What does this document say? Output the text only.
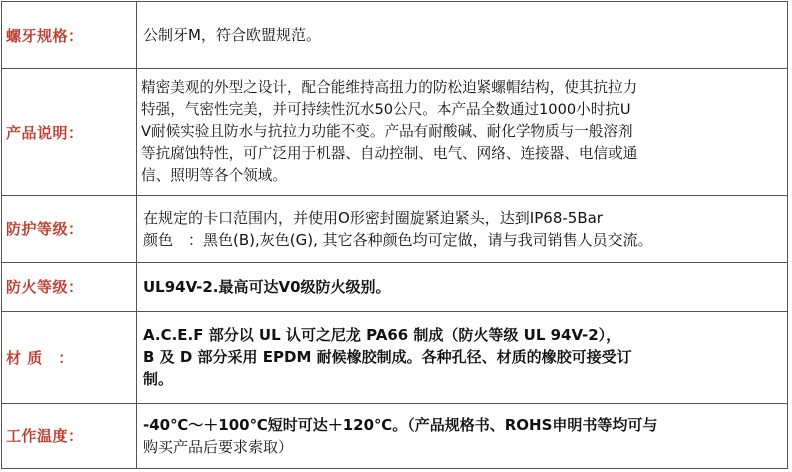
螺牙规格：	公制牙M，符合欧盟规范。

产品说明：	精密美观的外型之设计，配合能维持高扭力的防松迫紧螺帽结构，使其抗拉力
特强，气密性完美，并可持续性沉水50公尺。本产品全数通过1000小时抗U
V耐候实验且防水与抗拉力功能不变。产品有耐酸碱、耐化学物质与一般溶剂
等抗腐蚀特性，可广泛用于机器、自动控制、电气、网络、连接器、电信或通
信、照明等各个领域。

防护等级：	在规定的卡口范围内，并使用O形密封圈旋紧迫紧头，达到IP68-5Bar
颜色　：黑色(B),灰色(G), 其它各种颜色均可定做，请与我司销售人员交流。

防火等级：	UL94V-2.最高可达V0级防火级别。

材 质　：	A.C.E.F 部分以 UL 认可之尼龙 PA66 制成（防火等级 UL 94V-2），
B 及 D 部分采用 EPDM 耐候橡胶制成。各种孔径、材质的橡胶可接受订
制。

工作温度：	-40℃～＋100℃短时可达＋120℃。（产品规格书、ROHS申明书等均可与
购买产品后要求索取）
